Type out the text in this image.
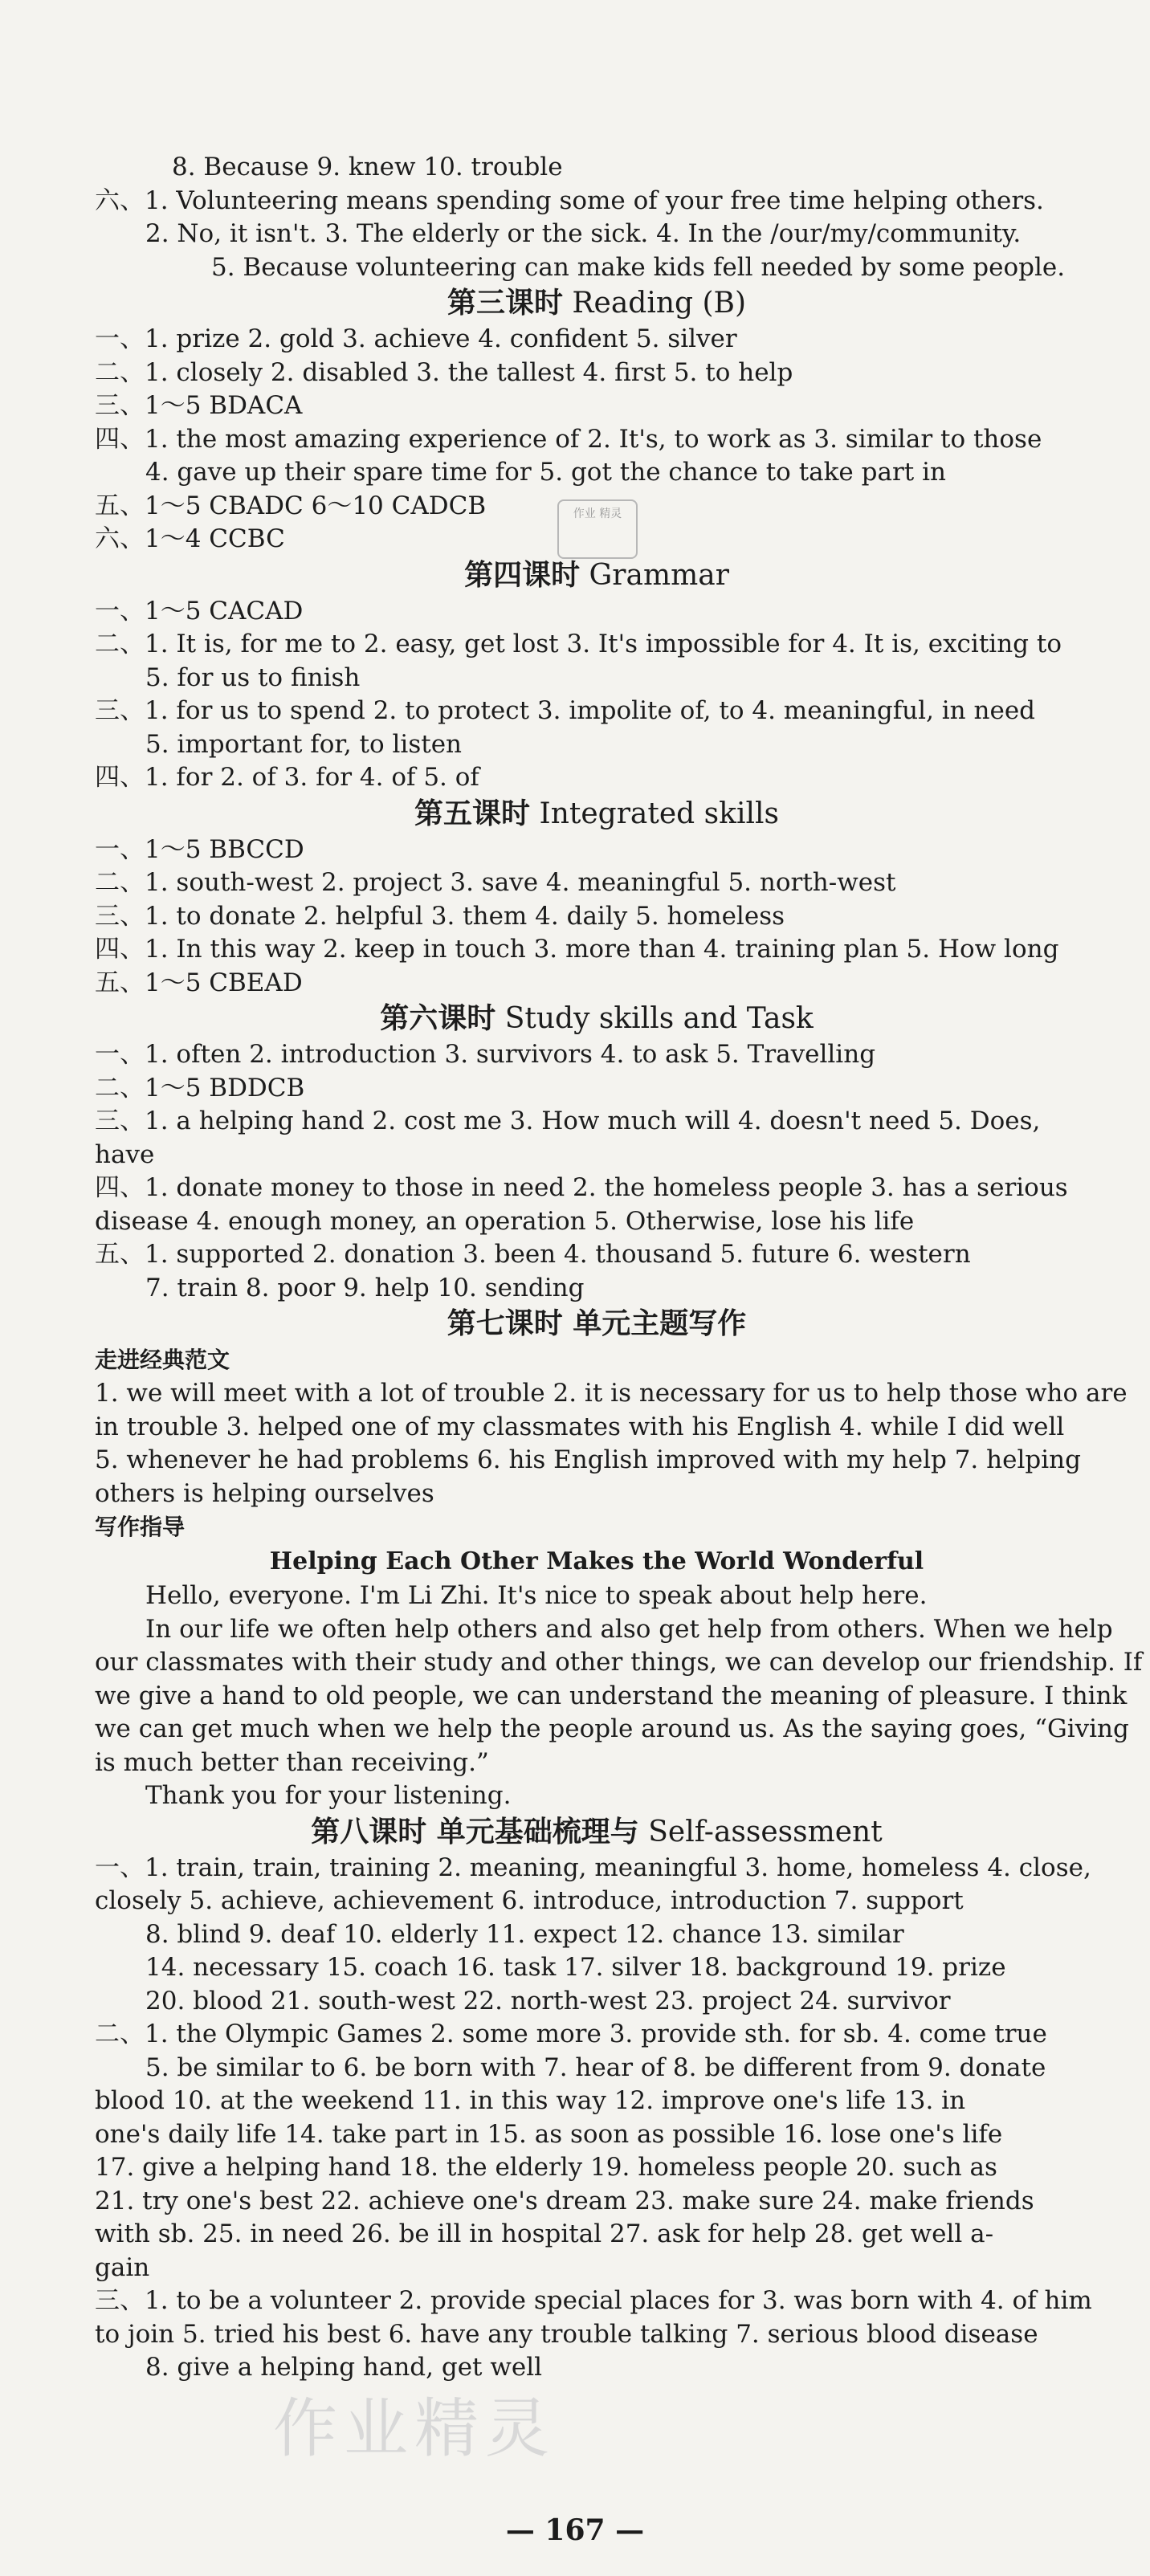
8. Because 9. knew 10. trouble
六、1. Volunteering means spending some of your free time helping others.
2. No, it isn't. 3. The elderly or the sick. 4. In the /our/my/community.
5. Because volunteering can make kids fell needed by some people.
第三课时 Reading (B)
一、1. prize 2. gold 3. achieve 4. confident 5. silver
二、1. closely 2. disabled 3. the tallest 4. first 5. to help
三、1～5 BDACA
四、1. the most amazing experience of 2. It's, to work as 3. similar to those
4. gave up their spare time for 5. got the chance to take part in
五、1～5 CBADC 6～10 CADCB
六、1～4 CCBC
第四课时 Grammar
一、1～5 CACAD
二、1. It is, for me to 2. easy, get lost 3. It's impossible for 4. It is, exciting to
5. for us to finish
三、1. for us to spend 2. to protect 3. impolite of, to 4. meaningful, in need
5. important for, to listen
四、1. for 2. of 3. for 4. of 5. of
第五课时 Integrated skills
一、1～5 BBCCD
二、1. south-west 2. project 3. save 4. meaningful 5. north-west
三、1. to donate 2. helpful 3. them 4. daily 5. homeless
四、1. In this way 2. keep in touch 3. more than 4. training plan 5. How long
五、1～5 CBEAD
第六课时 Study skills and Task
一、1. often 2. introduction 3. survivors 4. to ask 5. Travelling
二、1～5 BDDCB
三、1. a helping hand 2. cost me 3. How much will 4. doesn't need 5. Does,
have
四、1. donate money to those in need 2. the homeless people 3. has a serious
disease 4. enough money, an operation 5. Otherwise, lose his life
五、1. supported 2. donation 3. been 4. thousand 5. future 6. western
7. train 8. poor 9. help 10. sending
第七课时 单元主题写作
走进经典范文
1. we will meet with a lot of trouble 2. it is necessary for us to help those who are
in trouble 3. helped one of my classmates with his English 4. while I did well
5. whenever he had problems 6. his English improved with my help 7. helping
others is helping ourselves
写作指导
Helping Each Other Makes the World Wonderful
Hello, everyone. I'm Li Zhi. It's nice to speak about help here.
In our life we often help others and also get help from others. When we help
our classmates with their study and other things, we can develop our friendship. If
we give a hand to old people, we can understand the meaning of pleasure. I think
we can get much when we help the people around us. As the saying goes, “Giving
is much better than receiving.”
Thank you for your listening.
第八课时 单元基础梳理与 Self-assessment
一、1. train, train, training 2. meaning, meaningful 3. home, homeless 4. close,
closely 5. achieve, achievement 6. introduce, introduction 7. support
8. blind 9. deaf 10. elderly 11. expect 12. chance 13. similar
14. necessary 15. coach 16. task 17. silver 18. background 19. prize
20. blood 21. south-west 22. north-west 23. project 24. survivor
二、1. the Olympic Games 2. some more 3. provide sth. for sb. 4. come true
5. be similar to 6. be born with 7. hear of 8. be different from 9. donate
blood 10. at the weekend 11. in this way 12. improve one's life 13. in
one's daily life 14. take part in 15. as soon as possible 16. lose one's life
17. give a helping hand 18. the elderly 19. homeless people 20. such as
21. try one's best 22. achieve one's dream 23. make sure 24. make friends
with sb. 25. in need 26. be ill in hospital 27. ask for help 28. get well a-
gain
三、1. to be a volunteer 2. provide special places for 3. was born with 4. of him
to join 5. tried his best 6. have any trouble talking 7. serious blood disease
8. give a helping hand, get well
作业 精灵
作业精灵
— 167 —
